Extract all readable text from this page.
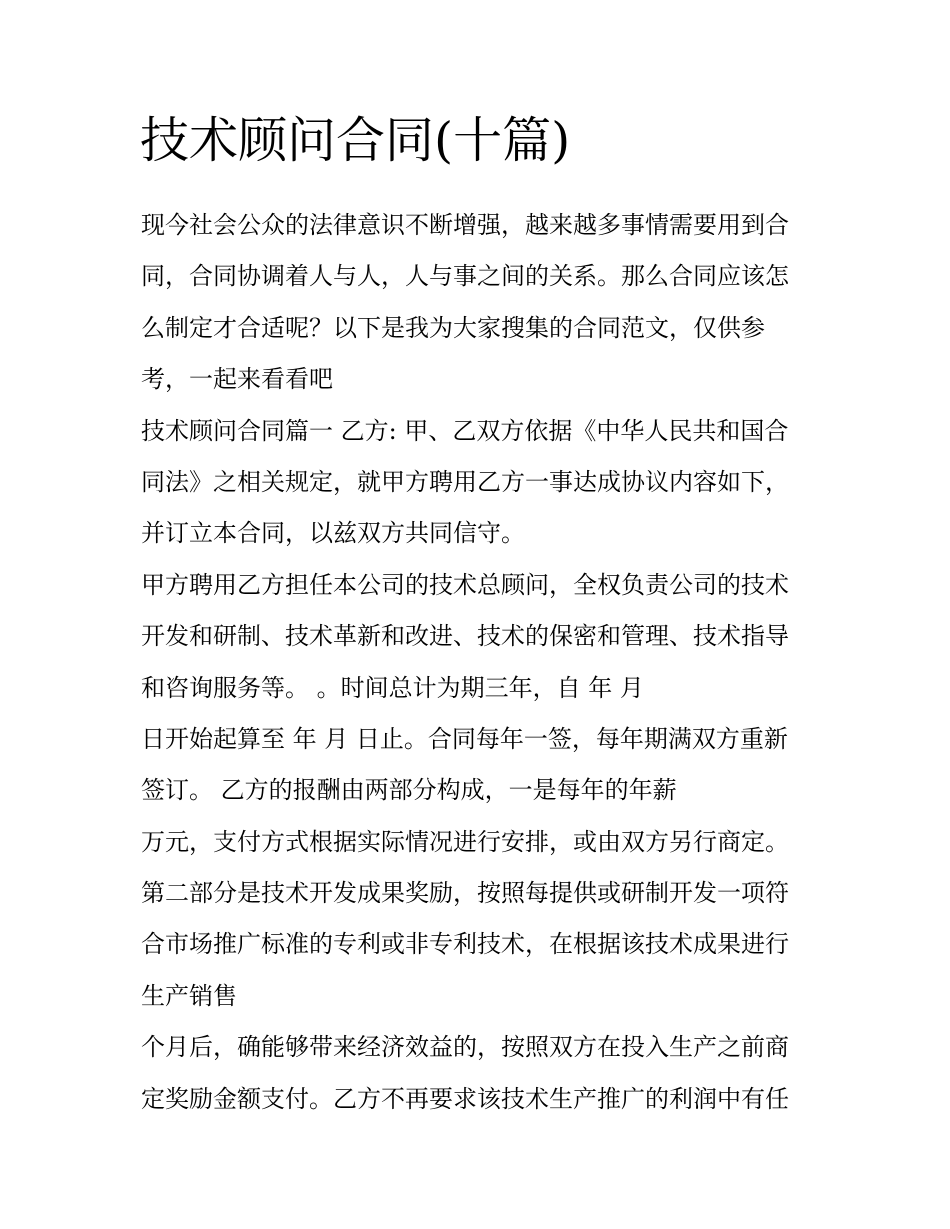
技术顾问合同(十篇)
现今社会公众的法律意识不断增强，越来越多事情需要用到合
同，合同协调着人与人，人与事之间的关系。那么合同应该怎
么制定才合适呢？以下是我为大家搜集的合同范文，仅供参
考，一起来看看吧
技术顾问合同篇一 乙方: 甲、乙双方依据《中华人民共和国合
同法》之相关规定，就甲方聘用乙方一事达成协议内容如下，
并订立本合同，以兹双方共同信守。
甲方聘用乙方担任本公司的技术总顾问，全权负责公司的技术
开发和研制、技术革新和改进、技术的保密和管理、技术指导
和咨询服务等。 。时间总计为期三年，自 年 月
日开始起算至 年 月 日止。合同每年一签，每年期满双方重新
签订。 乙方的报酬由两部分构成，一是每年的年薪
万元，支付方式根据实际情况进行安排，或由双方另行商定。
第二部分是技术开发成果奖励，按照每提供或研制开发一项符
合市场推广标准的专利或非专利技术，在根据该技术成果进行
生产销售
个月后，确能够带来经济效益的，按照双方在投入生产之前商
定奖励金额支付。乙方不再要求该技术生产推广的利润中有任
